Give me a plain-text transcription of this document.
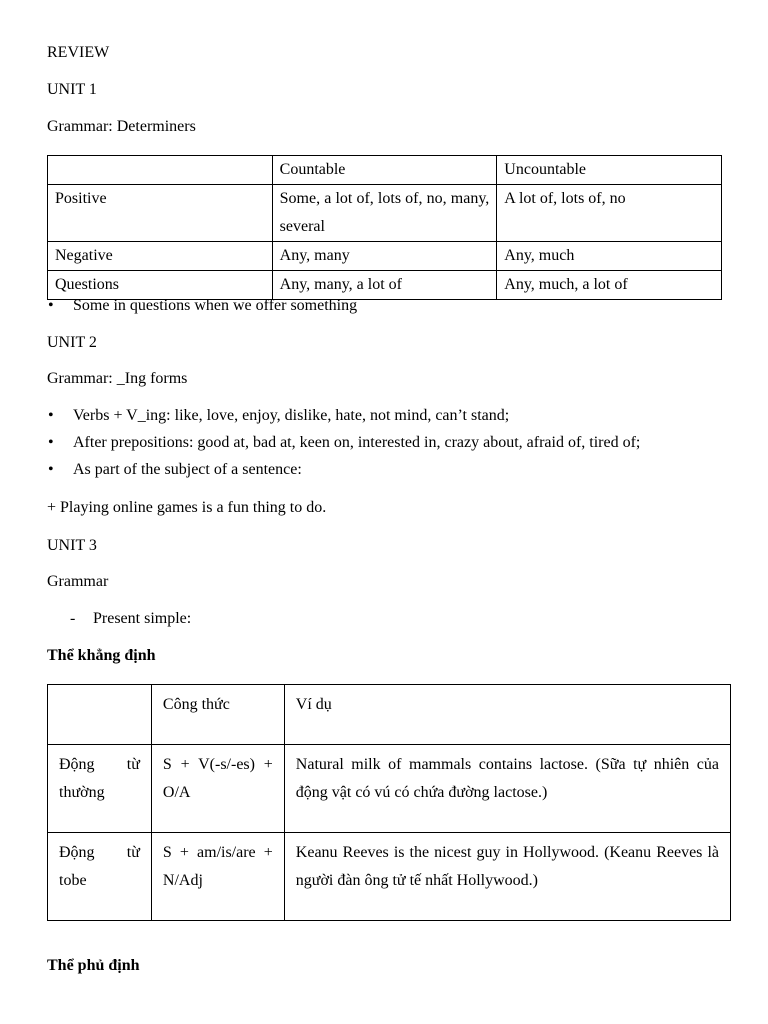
REVIEW
UNIT 1
Grammar: Determiners
	Countable	Uncountable
Positive	Some, a lot of, lots of, no, many, several	A lot of, lots of, no
Negative	Any, many	Any, much
Questions	Any, many, a lot of	Any, much, a lot of
• Some in questions when we offer something
UNIT 2
Grammar: _Ing forms
• Verbs + V_ing: like, love, enjoy, dislike, hate, not mind, can’t stand;
• After prepositions: good at, bad at, keen on, interested in, crazy about, afraid of, tired of;
• As part of the subject of a sentence:
+ Playing online games is a fun thing to do.
UNIT 3
Grammar
- Present simple:
Thể khẳng định
	Công thức	Ví dụ
Động từ thường	S + V(-s/-es) + O/A	Natural milk of mammals contains lactose. (Sữa tự nhiên của động vật có vú có chứa đường lactose.)
Động từ tobe	S + am/is/are + N/Adj	Keanu Reeves is the nicest guy in Hollywood. (Keanu Reeves là người đàn ông tử tế nhất Hollywood.)
Thể phủ định
